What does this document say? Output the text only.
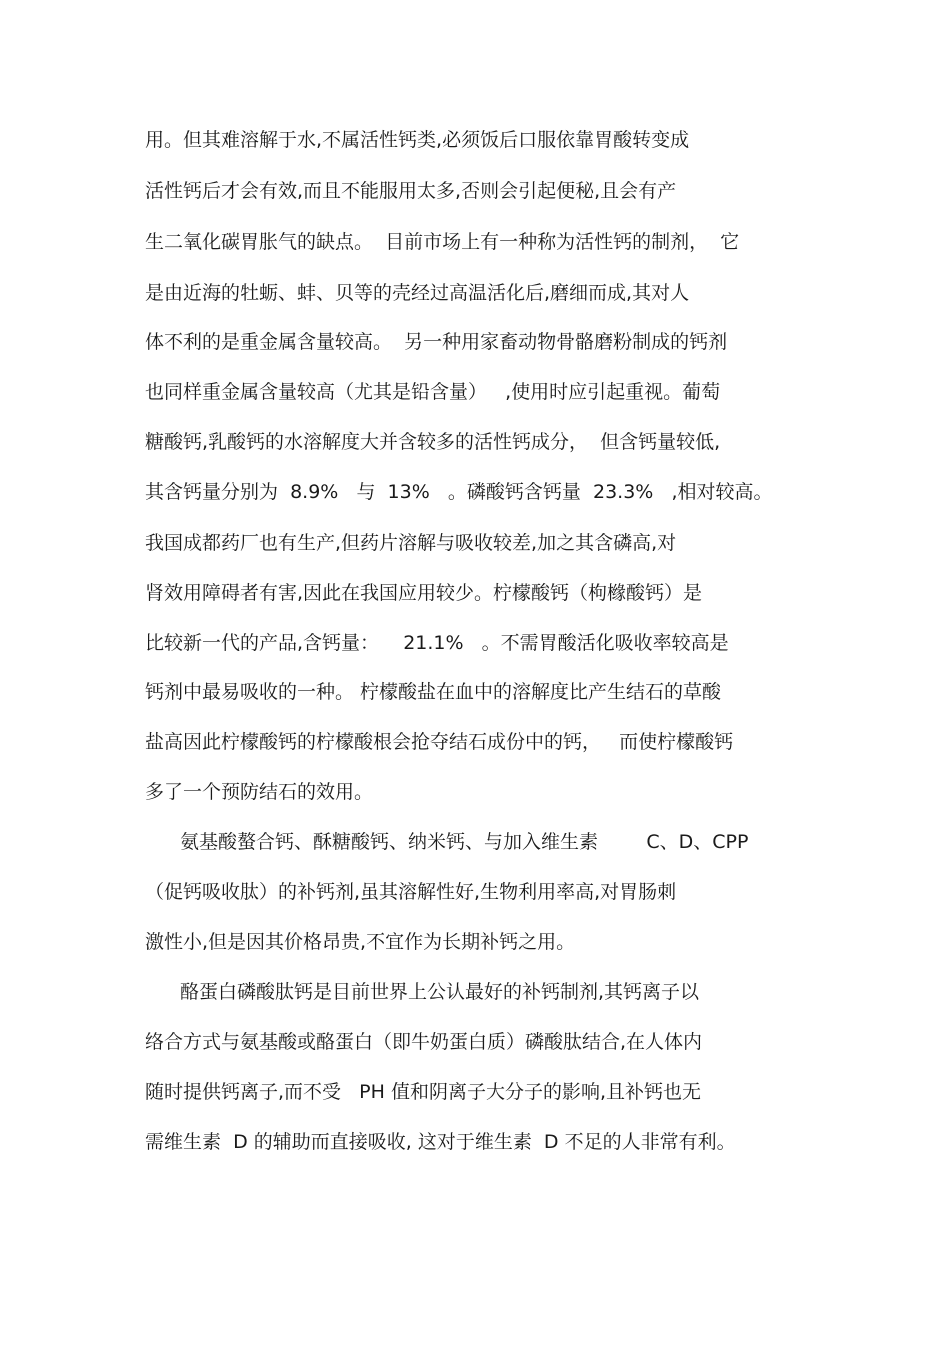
用。但其难溶解于水,不属活性钙类,必须饭后口服依靠胃酸转变成
活性钙后才会有效,而且不能服用太多,否则会引起便秘,且会有产
生二氧化碳胃胀气的缺点。  目前市场上有一种称为活性钙的制剂，  它
是由近海的牡蛎、蚌、贝等的壳经过高温活化后,磨细而成,其对人
体不利的是重金属含量较高。  另一种用家畜动物骨骼磨粉制成的钙剂
也同样重金属含量较高（尤其是铅含量）   ,使用时应引起重视。葡萄
糖酸钙,乳酸钙的水溶解度大并含较多的活性钙成分，  但含钙量较低,
其含钙量分别为  8.9%   与  13%   。磷酸钙含钙量  23.3%   ,相对较高。
我国成都药厂也有生产,但药片溶解与吸收较差,加之其含磷高,对
肾效用障碍者有害,因此在我国应用较少。柠檬酸钙（枸橼酸钙）是
比较新一代的产品,含钙量：    21.1%   。不需胃酸活化吸收率较高是
钙剂中最易吸收的一种。 柠檬酸盐在血中的溶解度比产生结石的草酸
盐高因此柠檬酸钙的柠檬酸根会抢夺结石成份中的钙，   而使柠檬酸钙
多了一个预防结石的效用。
氨基酸螯合钙、酥糖酸钙、纳米钙、与加入维生素        C、D、CPP
（促钙吸收肽）的补钙剂,虽其溶解性好,生物利用率高,对胃肠刺
激性小,但是因其价格昂贵,不宜作为长期补钙之用。
酪蛋白磷酸肽钙是目前世界上公认最好的补钙制剂,其钙离子以
络合方式与氨基酸或酪蛋白（即牛奶蛋白质）磷酸肽结合,在人体内
随时提供钙离子,而不受   PH 值和阴离子大分子的影响,且补钙也无
需维生素  D 的辅助而直接吸收, 这对于维生素  D 不足的人非常有利。
